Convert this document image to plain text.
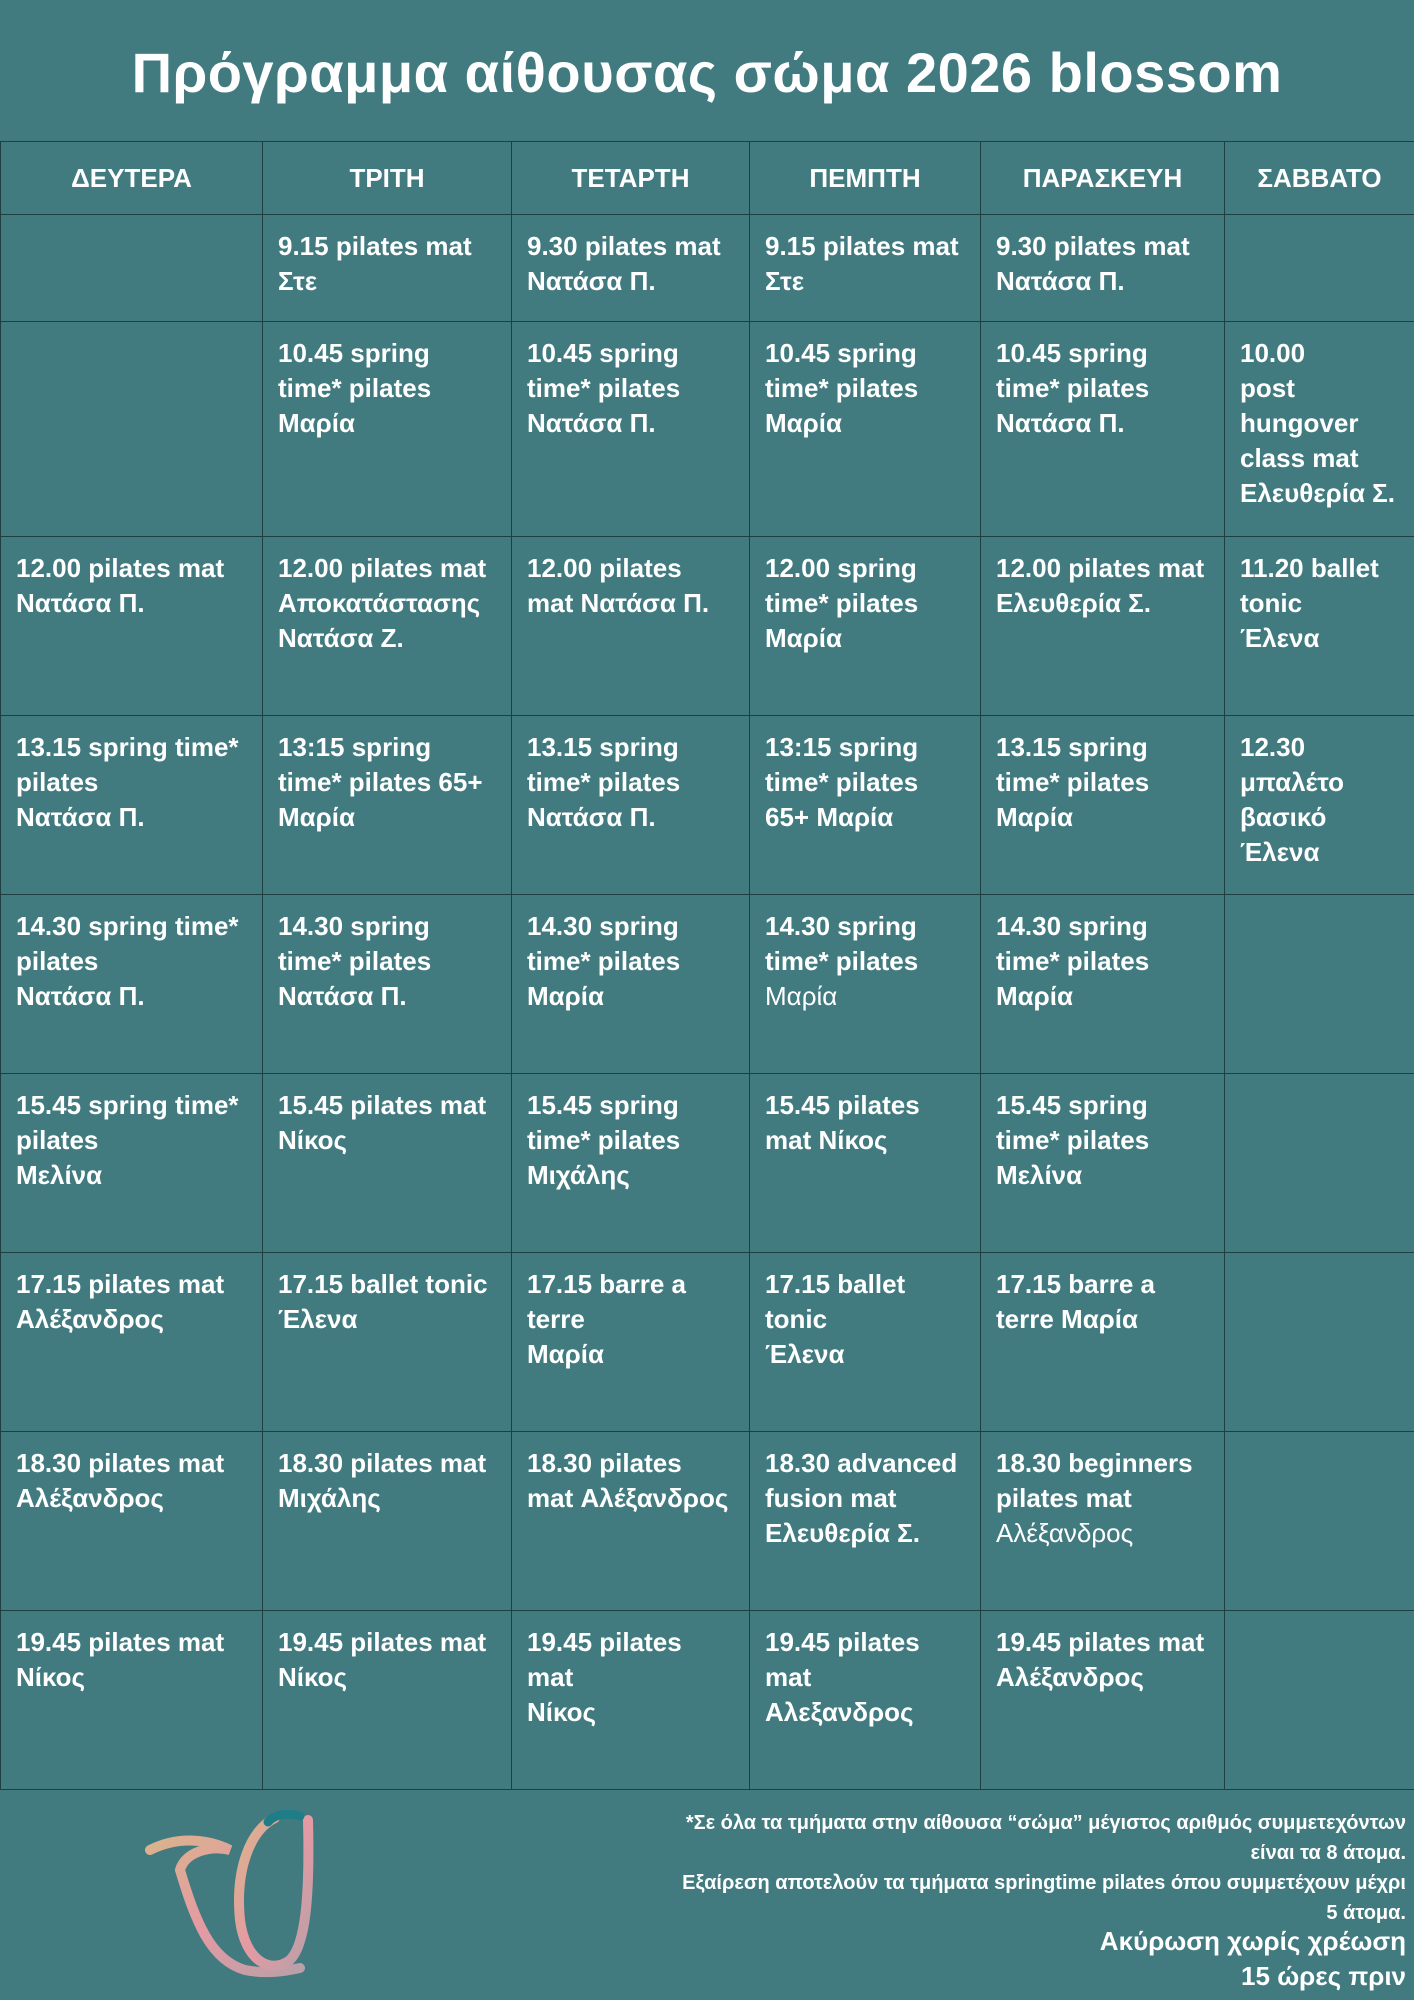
Πρόγραμμα αίθουσας σώμα 2026 blossom
ΔΕΥΤΕΡΑ	ΤΡΙΤΗ	ΤΕΤΑΡΤΗ	ΠΕΜΠΤΗ	ΠΑΡΑΣΚΕΥΗ	ΣΑΒΒΑΤΟ

	9.15 pilates mat
Στε	9.30 pilates mat
Νατάσα Π.	9.15 pilates mat
Στε	9.30 pilates mat
Νατάσα Π.	

	10.45 spring
time* pilates
Μαρία	10.45 spring
time* pilates
Νατάσα Π.	10.45 spring
time* pilates
Μαρία	10.45 spring
time* pilates
Νατάσα Π.	10.00
post
hungover
class mat
Ελευθερία Σ.

12.00 pilates mat
Νατάσα Π.	12.00 pilates mat
Αποκατάστασης
Νατάσα Ζ.	12.00 pilates
mat Νατάσα Π.	12.00 spring
time* pilates
Μαρία	12.00 pilates mat
Ελευθερία Σ.	11.20 ballet
tonic
Έλενα

13.15 spring time*
pilates
Νατάσα Π.	13:15 spring
time* pilates 65+
Μαρία	13.15 spring
time* pilates
Νατάσα Π.	13:15 spring
time* pilates
65+ Μαρία	13.15 spring
time* pilates
Μαρία	12.30
μπαλέτο
βασικό
Έλενα

14.30 spring time*
pilates
Νατάσα Π.	14.30 spring
time* pilates
Νατάσα Π.	14.30 spring
time* pilates
Μαρία	14.30 spring
time* pilates
Μαρία	14.30 spring
time* pilates
Μαρία	

15.45 spring time*
pilates
Μελίνα	15.45 pilates mat
Νίκος	15.45 spring
time* pilates
Μιχάλης	15.45 pilates
mat Νίκος	15.45 spring
time* pilates
Μελίνα	

17.15 pilates mat
Αλέξανδρος	17.15 ballet tonic
Έλενα	17.15 barre a
terre
Μαρία	17.15 ballet
tonic
Έλενα	17.15 barre a
terre Μαρία	

18.30 pilates mat
Αλέξανδρος	18.30 pilates mat
Μιχάλης	18.30 pilates
mat Αλέξανδρος	18.30 advanced
fusion mat
Ελευθερία Σ.	18.30 beginners
pilates mat
Αλέξανδρος	

19.45 pilates mat
Νίκος	19.45 pilates mat
Νίκος	19.45 pilates
mat
Νίκος	19.45 pilates
mat
Αλεξανδρος	19.45 pilates mat
Αλέξανδρος	

*Σε όλα τα τμήματα στην αίθουσα “σώμα” μέγιστος αριθμός συμμετεχόντων
είναι τα 8 άτομα.
Εξαίρεση αποτελούν τα τμήματα springtime pilates όπου συμμετέχουν μέχρι
5 άτομα.
Ακύρωση χωρίς χρέωση
15 ώρες πριν
